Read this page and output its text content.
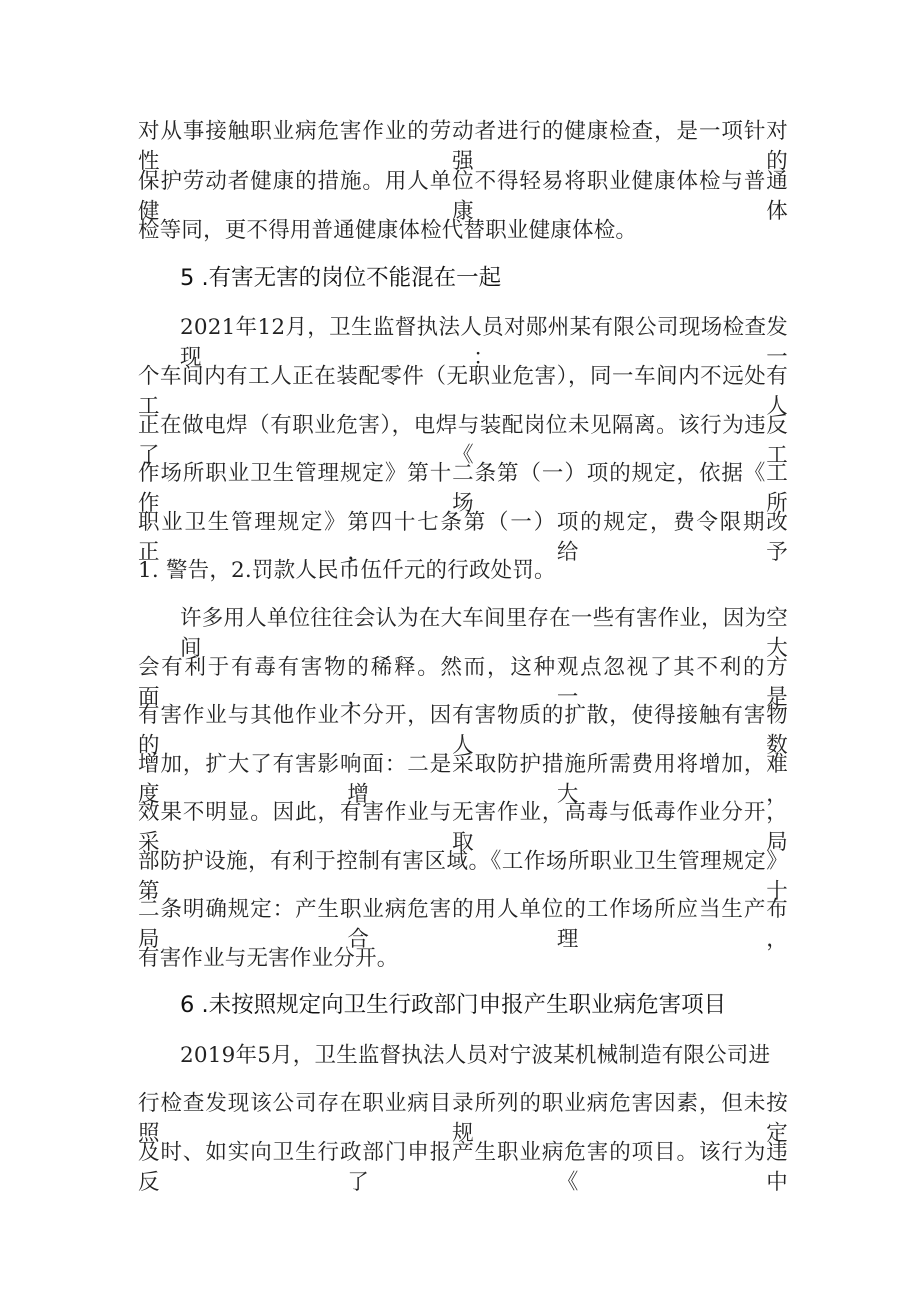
对从事接触职业病危害作业的劳动者进行的健康检查，是一项针对性强的
保护劳动者健康的措施。用人单位不得轻易将职业健康体检与普通健康体
检等同，更不得用普通健康体检代替职业健康体检。
5 .有害无害的岗位不能混在一起
2021年12月，卫生监督执法人员对郧州某有限公司现场检查发现：一
个车间内有工人正在装配零件（无职业危害），同一车间内不远处有工人
正在做电焊（有职业危害），电焊与装配岗位未见隔离。该行为违反了《工
作场所职业卫生管理规定》第十二条第（一）项的规定，依据《工作场所
职业卫生管理规定》第四十七条第（一）项的规定，费令限期改正，给予
1. 警告，2.罚款人民币伍仟元的行政处罚。
许多用人单位往往会认为在大车间里存在一些有害作业，因为空间大
会有利于有毒有害物的稀释。然而，这种观点忽视了其不利的方面，一是
有害作业与其他作业不分开，因有害物质的扩散，使得接触有害物的人数
增加，扩大了有害影响面：二是采取防护措施所需费用将增加，难度增大，
效果不明显。因此，有害作业与无害作业，高毒与低毒作业分开，采取局
部防护设施，有利于控制有害区域。《工作场所职业卫生管理规定》第十
二条明确规定：产生职业病危害的用人单位的工作场所应当生产布局合理，
有害作业与无害作业分开。
6 .未按照规定向卫生行政部门申报产生职业病危害项目
2019年5月，卫生监督执法人员对宁波某机械制造有限公司进
行检查发现该公司存在职业病目录所列的职业病危害因素，但未按照规定
及时、如实向卫生行政部门申报产生职业病危害的项目。该行为违反了《中
